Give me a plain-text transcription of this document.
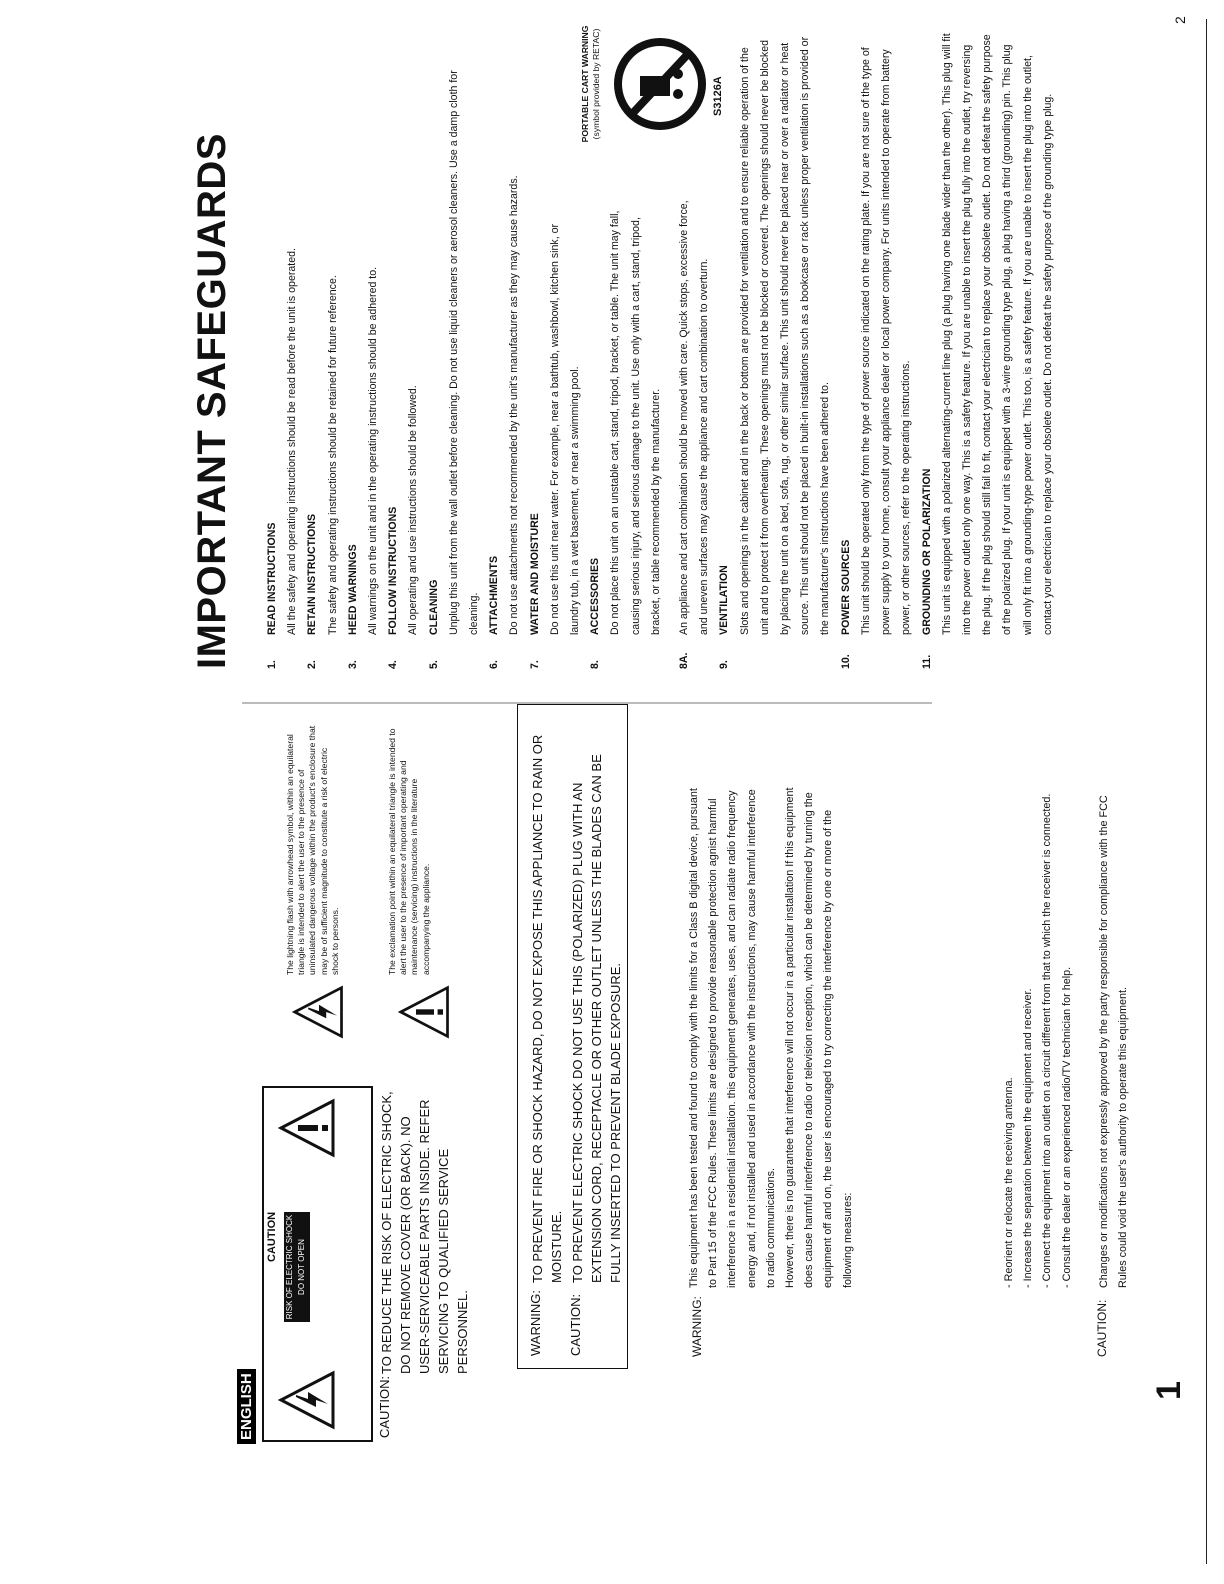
ENGLISH
CAUTION RISK OF ELECTRIC SHOCK DO NOT OPEN
CAUTION:
TO REDUCE THE RISK OF ELECTRIC SHOCK, DO NOT REMOVE COVER (OR BACK). NO USER-SERVICEABLE PARTS INSIDE. REFER SERVICING TO QUALIFIED SERVICE PERSONNEL.
The lightning flash with arrowhead symbol, within an equilateral triangle is intended to alert the user to the presence of uninsulated dangerous voltage within the product's enclosure that may be of sufficient magnitude to constitute a risk of electric shock to persons.	The exclamation point within an equilateral triangle is intended to alert the user to the presence of important operating and maintenance (servicing) instructions in the literature accompanying the appliance.
WARNING:
TO PREVENT FIRE OR SHOCK HAZARD, DO NOT EXPOSE THIS APPLIANCE TO RAIN OR MOISTURE.
CAUTION:
TO PREVENT ELECTRIC SHOCK DO NOT USE THIS (POLARIZED) PLUG WITH AN EXTENSION CORD, RECEPTACLE OR OTHER OUTLET UNLESS THE BLADES CAN BE FULLY INSERTED TO PREVENT BLADE EXPOSURE.
WARNING:

This equipment has been tested and found to comply with the limits for a Class B digital device, pursuant to Part 15 of the FCC Rules. These limits are designed to provide reasonable protection agnist harmful interference in a residential installation. this equipment generates, uses, and can radiate radio frequency energy and, if not installed and used in accordance with the instructions, may cause harmful interference to radio communications. However, there is no guarantee that interference will not occur in a particular installation If this equipment does cause harmful interference to radio or television reception, which can be determined by turning the equipment off and on, the user is encouraged to try correcting the interference by one or more of the following measures:	- Reorient or relocate the receiving antenna. - Increase the separation between the equipment and receiver. - Connect the equipment into an outlet on a circuit different from that to which the receiver is connected. - Consult the dealer or an experienced radio/TV technician for help.
CAUTION:
Changes or modifications not expressly approved by the party responsible for compliance with the FCC Rules could void the user's authority to operate this equipment.
1
IMPORTANT SAFEGUARDS	1.
READ INSTRUCTIONS All the safety and operating instructions should be read before the unit is operated.
2.
RETAIN INSTRUCTIONS The safety and operating instructions should be retained for future reference.
3.
HEED WARNINGS All warnings on the unit and in the operating instructions should be adhered to.
4.
FOLLOW INSTRUCTIONS All operating and use instructions should be followed.
5.
CLEANING Unplug this unit from the wall outlet before cleaning. Do not use liquid cleaners or aerosol cleaners. Use a damp cloth for cleaning.
6.
ATTACHMENTS Do not use attachments not recommended by the unit's manufacturer as they may cause hazards.
7.
WATER AND MOISTURE Do not use this unit near water. For example, near a bathtub, washbowl, kitchen sink, or laundry tub, in a wet basement, or near a swimming pool.
8.
ACCESSORIES Do not place this unit on an unstable cart, stand, tripod, bracket, or table. The unit may fall, causing serious injury, and serious damage to the unit. Use only with a cart, stand, tripod, bracket, or table recommended by the manufacturer.
8A.
An appliance and cart combination should be moved with care. Quick stops, excessive force, and uneven surfaces may cause the appliance and cart combination to overturn.
9.
VENTILATION Slots and openings in the cabinet and in the back or bottom are provided for ventilation and to ensure reliable operation of the unit and to protect it from overheating. These openings must not be blocked or covered. The openings should never be blocked by placing the unit on a bed, sofa, rug, or other similar surface. This unit should never be placed near or over a radiator or heat source. This unit should not be placed in built-in installations such as a bookcase or rack unless proper ventilation is provided or the manufacturer's instructions have been adhered to.
10.
POWER SOURCES This unit should be operated only from the type of power source indicated on the rating plate. If you are not sure of the type of power supply to your home, consult your appliance dealer or local power company. For units intended to operate from battery power, or other sources, refer to the operating instructions.
11.
GROUNDING OR POLARIZATION This unit is equipped with a polarized alternating-current line plug (a plug having one blade wider than the other). This plug will fit into the power outlet only one way. This is a safety feature. If you are unable to insert the plug fully into the outlet, try reversing the plug. If the plug should still fail to fit, contact your electrician to replace your obsolete outlet. Do not defeat the safety purpose of the polarized plug. If your unit is equipped with a 3-wire grounding type plug, a plug having a third (grounding) pin. This plug will only fit into a grounding-type power outlet. This too, is a safety feature. If you are unable to insert the plug into the outlet, contact your electrician to replace your obsolete outlet. Do not defeat the safety purpose of the grounding type plug.
PORTABLE CART WARNING (symbol provided by RETAC)	S3126A
2
